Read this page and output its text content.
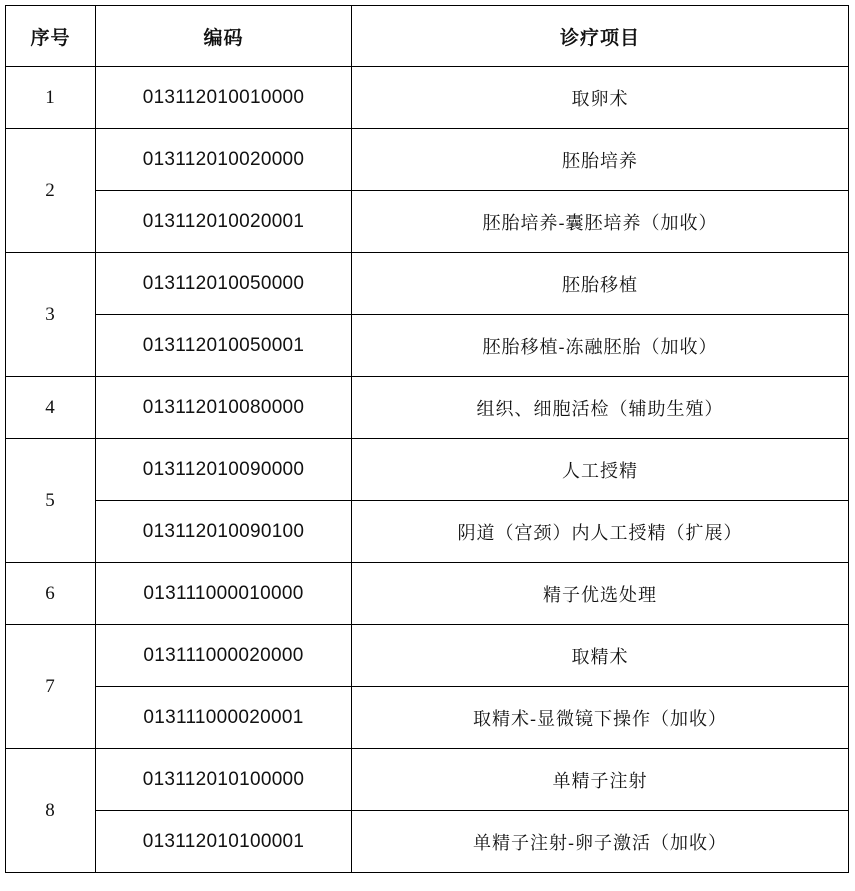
序号	编码	诊疗项目
1	013112010010000	取卵术
2	013112010020000	胚胎培养
	013112010020001	胚胎培养-囊胚培养（加收）
3	013112010050000	胚胎移植
	013112010050001	胚胎移植-冻融胚胎（加收）
4	013112010080000	组织、细胞活检（辅助生殖）
5	013112010090000	人工授精
	013112010090100	阴道（宫颈）内人工授精（扩展）
6	013111000010000	精子优选处理
7	013111000020000	取精术
	013111000020001	取精术-显微镜下操作（加收）
8	013112010100000	单精子注射
	013112010100001	单精子注射-卵子激活（加收）
